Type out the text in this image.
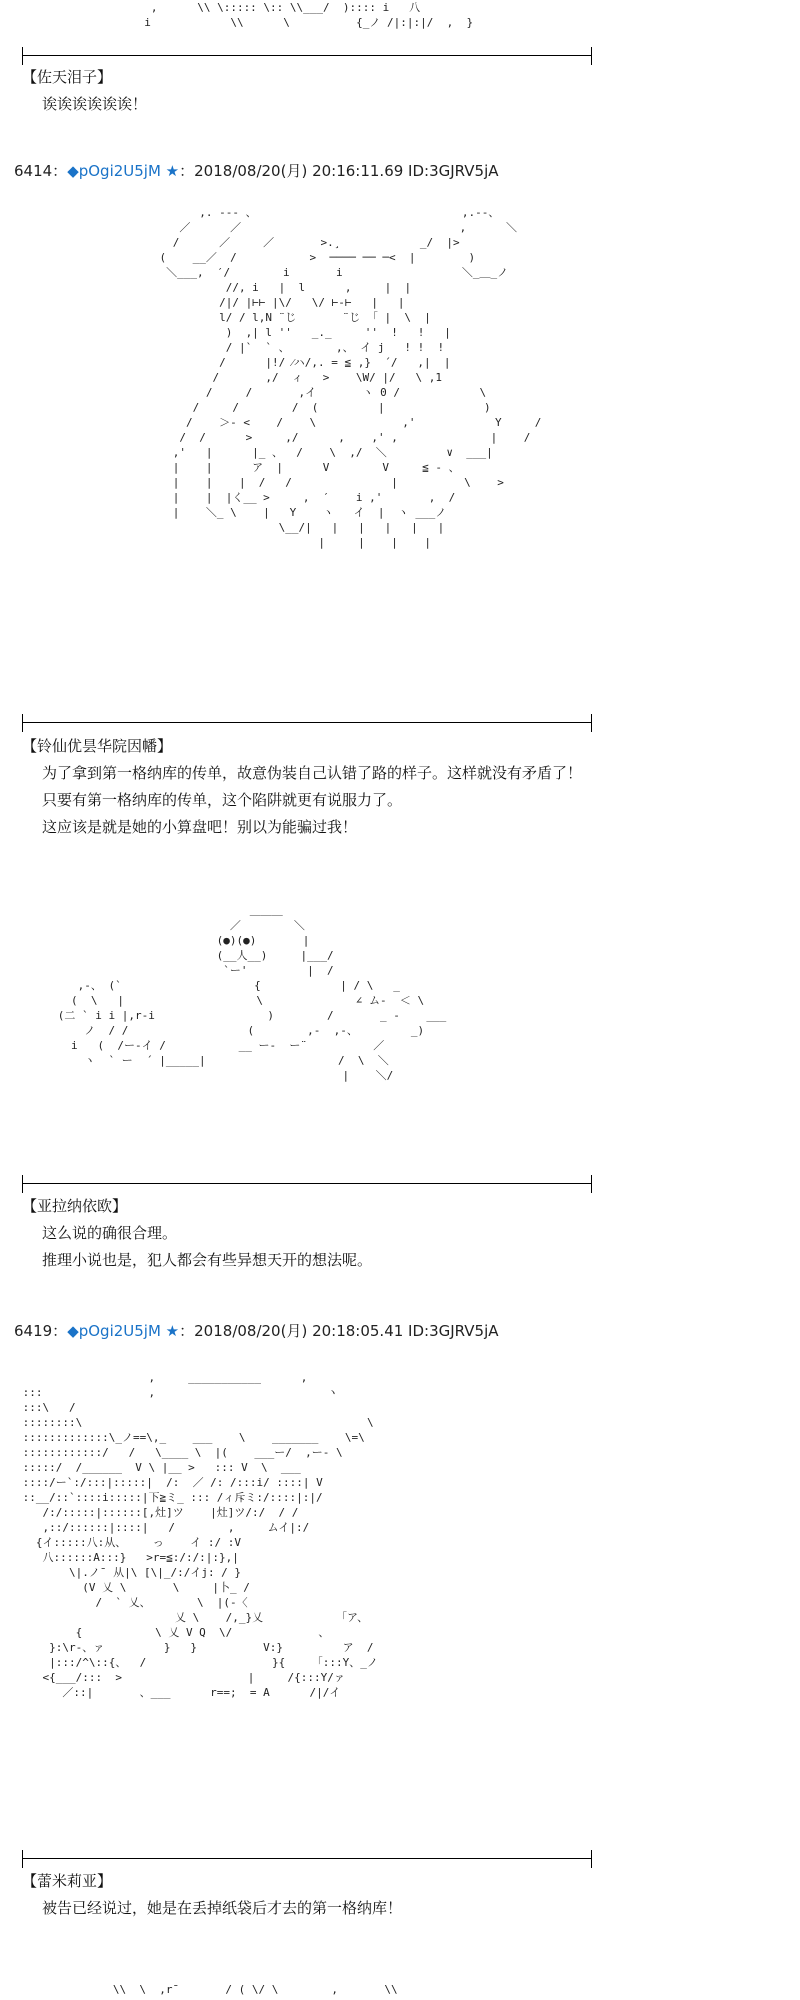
,      \\ \::::: \:: \\___/  ):::: i   八
i            \\      \          {_ノ /|:|:|/  ,  }
【佐天泪子】
诶诶诶诶诶诶！
6414：◆pOgi2U5jM ★：2018/08/20(月) 20:16:11.69 ID:3GJRV5jA
,. --- 、                               ,.--、
／      ／                                 ,      ＼
/      ／     ／       >.¸            _/  |>
(    __／  /           >  ──── ── ─<  |        )
＼___,  ′/        i       i                  ＼_＿_ノ
//, i   |  l      ,     |  |
/|/ |⊢⊢ |\/   \/ ⊢-⊢   |   |
l/ / l,N ¨じ       ¨じ 「 |  \  |
)  ,| l ''   _._     ''  !   !   |
/ |`  ` 、       ,、 イ j   ! !  !
/      |!/ ⁄ハ/,. = ≦ ,}  ´/   ,|  |
/       ,/  ィ   >    \W/ |/   \ ,1
/     /       ,イ       ヽ 0 /            \
/     /        /  (         |               )
/    ＞- <    /    \             ,'            Y     /
/  /      >     ,/      ,    ,' ,              |    /
,'   |      |_ 、  /    \  ,/  ＼         ∨  ___|
|    |      ア  |      V        V     ≦ - 、
|    |    |  /   /               |          \    >
|    |  |く__ >     ,  ′    i ,'       ,  /
|    ＼_ \    |   Y    ヽ   イ  |  ヽ ___ノ
\__/|   |   |   |   |   |
|     |    |    |
【铃仙优昙华院因幡】
为了拿到第一格纳库的传单，故意伪装自己认错了路的样子。这样就没有矛盾了！
只要有第一格纳库的传单，这个陷阱就更有说服力了。
这应该是就是她的小算盘吧！别以为能骗过我！
＿＿＿
／        ＼
(●)(●)       |
(__人__)     |___/
`ー'         |  /
,-、 (`                    {            | / \   _
(  \   |                    \              ∠ ム-  ＜ \
(二 ` i i |,r-i                 )        /       _ ‐    ___
ノ  / /                  (        ,-  ,-、        _)
i   (  /ー-イ /           __ ー-  ー¨          ／
ヽ  ` ー  ´ |_____|                    /  \  ＼
|    ＼/
【亚拉纳依欧】
这么说的确很合理。
推理小说也是，犯人都会有些异想天开的想法呢。
6419：◆pOgi2U5jM ★：2018/08/20(月) 20:18:05.41 ID:3GJRV5jA
,     ___________      ,
:::                ,                          ヽ
:::\   /
::::::::\                                           \
:::::::::::::\_ノ==\,_    ___    \    _______    \=\
::::::::::::/   /   \____ \  |(    ___ー/  ,ー‐ \
:::::/  /______  V \ |__ >   ::: V  \  ___
::::/ー`:/:::|:::::|  /:  ／ /: /:::i/ ::::| V
::__/::`::::i:::::|下≧ミ_ ::: /ィ斥ミ:/::::|:|/
/:/:::::|::::::[,灶]ツ    |灶]ツ/:/  / /
,::/::::::|::::|   /        ,     ムイ|:/
{イ:::::八:从、    っ    イ :/ :V
八::::::A:::}   >r=≦:/:/:|:},|
\|.ノ¯ 从|\ [\|_/:/イj: / }
(V 乂 \       \     |卜_ /
/  ` 乂、       \  |(-〈
乂 \    /,_}乂           「ア、
{           \ 乂 V Q  \/             、
}:\r-、ァ         }   }          V:}         ア  /
|:::/^\::{、  /                   }{    「:::Y、_ノ
<{___/:::  >                   |     /{:::Y/ァ
／::|       、___      r==;  = A      /|/イ
【蕾米莉亚】
被告已经说过，她是在丢掉纸袋后才去的第一格纳库！
\\  \  ,r¯       / ( \/ \        ,       \\
